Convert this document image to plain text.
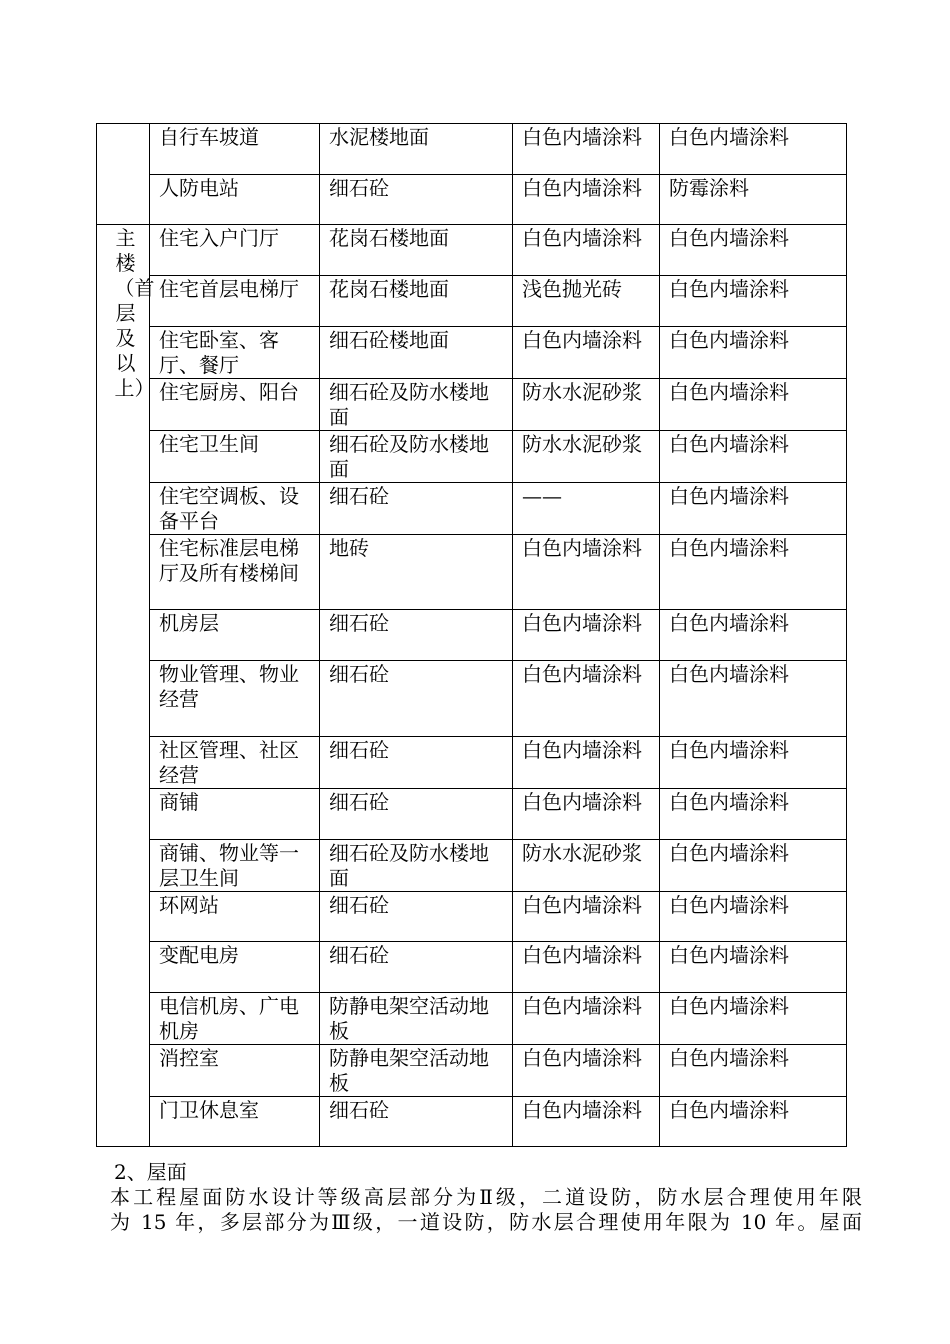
	自行车坡道	水泥楼地面	白色内墙涂料	白色内墙涂料
	人防电站	细石砼	白色内墙涂料	防霉涂料
主楼（首层及以上）	住宅入户门厅	花岗石楼地面	白色内墙涂料	白色内墙涂料
	住宅首层电梯厅	花岗石楼地面	浅色抛光砖	白色内墙涂料
	住宅卧室、客厅、餐厅	细石砼楼地面	白色内墙涂料	白色内墙涂料
	住宅厨房、阳台	细石砼及防水楼地面	防水水泥砂浆	白色内墙涂料
	住宅卫生间	细石砼及防水楼地面	防水水泥砂浆	白色内墙涂料
	住宅空调板、设备平台	细石砼	——	白色内墙涂料
	住宅标准层电梯厅及所有楼梯间	地砖	白色内墙涂料	白色内墙涂料
	机房层	细石砼	白色内墙涂料	白色内墙涂料
	物业管理、物业经营	细石砼	白色内墙涂料	白色内墙涂料
	社区管理、社区经营	细石砼	白色内墙涂料	白色内墙涂料
	商铺	细石砼	白色内墙涂料	白色内墙涂料
	商铺、物业等一层卫生间	细石砼及防水楼地面	防水水泥砂浆	白色内墙涂料
	环网站	细石砼	白色内墙涂料	白色内墙涂料
	变配电房	细石砼	白色内墙涂料	白色内墙涂料
	电信机房、广电机房	防静电架空活动地板	白色内墙涂料	白色内墙涂料
	消控室	防静电架空活动地板	白色内墙涂料	白色内墙涂料
	门卫休息室	细石砼	白色内墙涂料	白色内墙涂料

2、屋面

本工程屋面防水设计等级高层部分为Ⅱ级，二道设防，防水层合理使用年限

为 15 年，多层部分为Ⅲ级，一道设防，防水层合理使用年限为 10 年。屋面
